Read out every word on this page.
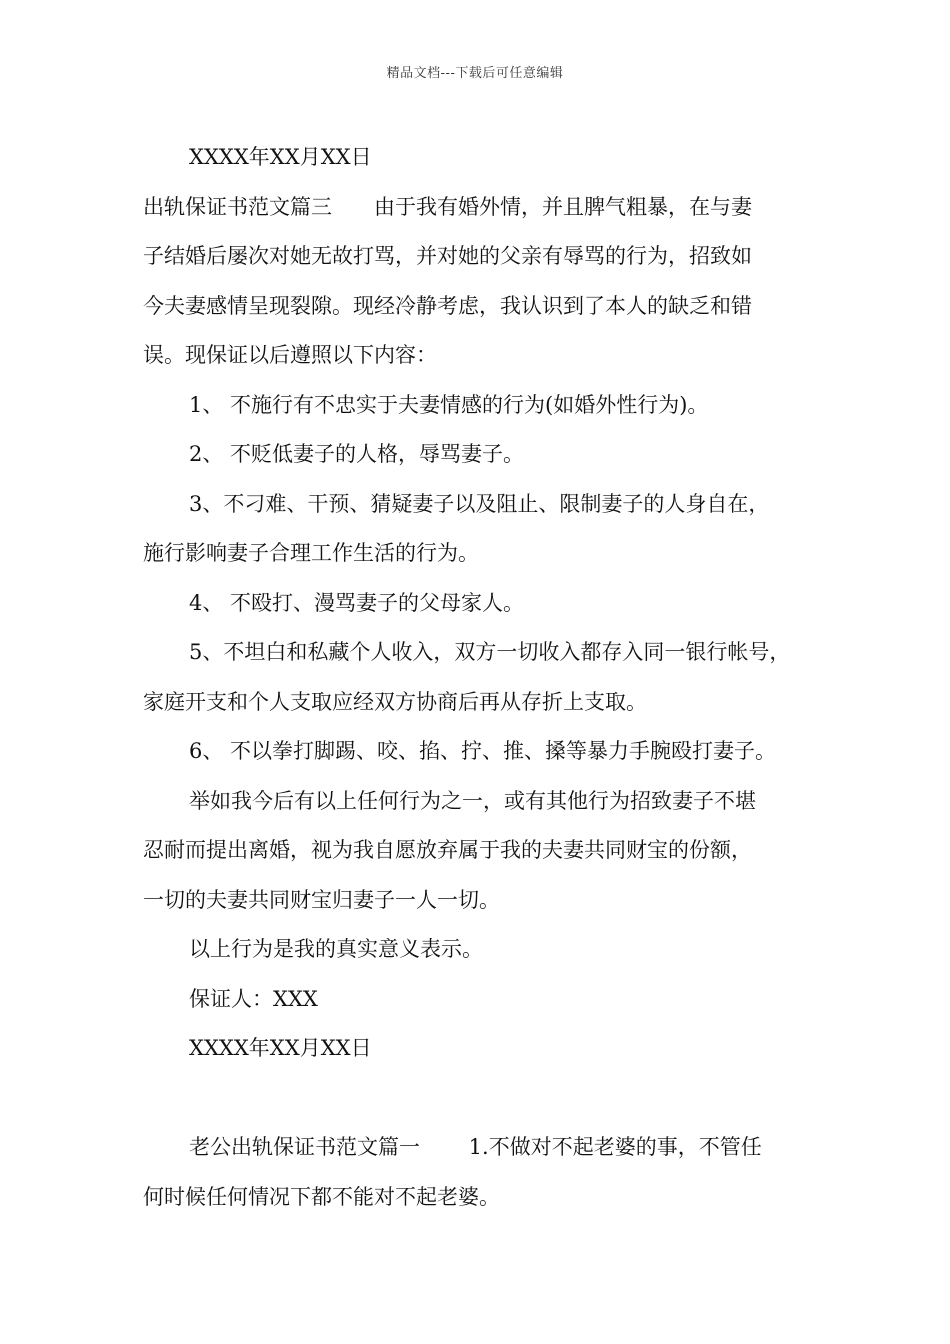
精品文档---下载后可任意编辑
XXXX年XX月XX日
出轨保证书范文篇三　　由于我有婚外情，并且脾气粗暴，在与妻
子结婚后屡次对她无故打骂，并对她的父亲有辱骂的行为，招致如
今夫妻感情呈现裂隙。现经冷静考虑，我认识到了本人的缺乏和错
误。现保证以后遵照以下内容：
1、 不施行有不忠实于夫妻情感的行为(如婚外性行为)。
2、 不贬低妻子的人格，辱骂妻子。
3、不刁难、干预、猜疑妻子以及阻止、限制妻子的人身自在，
施行影响妻子合理工作生活的行为。
4、 不殴打、漫骂妻子的父母家人。
5、不坦白和私藏个人收入，双方一切收入都存入同一银行帐号，
家庭开支和个人支取应经双方协商后再从存折上支取。
6、 不以拳打脚踢、咬、掐、拧、推、搡等暴力手腕殴打妻子。
举如我今后有以上任何行为之一，或有其他行为招致妻子不堪
忍耐而提出离婚，视为我自愿放弃属于我的夫妻共同财宝的份额，
一切的夫妻共同财宝归妻子一人一切。
以上行为是我的真实意义表示。
保证人：XXX
XXXX年XX月XX日
老公出轨保证书范文篇一　　 1.不做对不起老婆的事，不管任
何时候任何情况下都不能对不起老婆。
